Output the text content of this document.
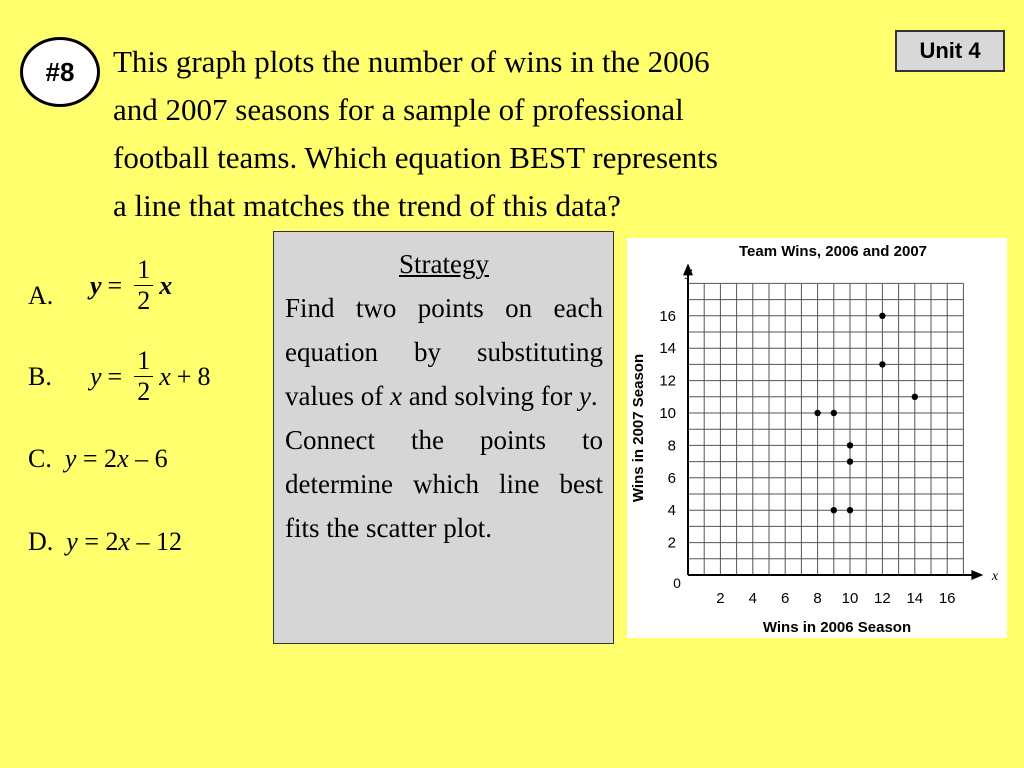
#8
Unit 4
This graph plots the number of wins in the 2006
and 2007 seasons for a sample of professional
football teams. Which equation BEST represents
a line that matches the trend of this data?
A. $y = \frac{1}{2}$ x
B. $y = \frac{1}{2}$ x + 8
C. y = 2x – 6
D. y = 2x – 12
Strategy

Find two points on each equation by substituting values of x and solving for y.

Connect the points to determine which line best fits the scatter plot.

2 4 6 8 10 12 14 16
2
4
6
8
10
12
14
16
Team Wins, 2006 and 2007
y
x
0
Wins in 2006 Season
Wins in 2007 Season
